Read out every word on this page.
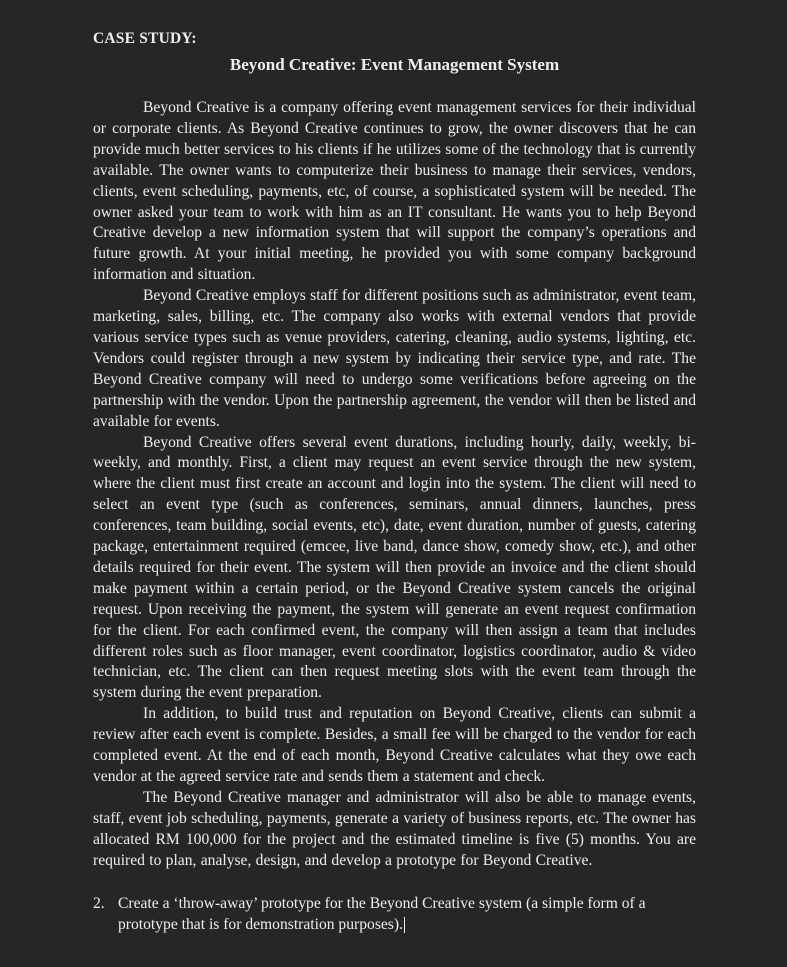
CASE STUDY:
Beyond Creative: Event Management System

Beyond Creative is a company offering event management services for their individual or corporate clients. As Beyond Creative continues to grow, the owner discovers that he can provide much better services to his clients if he utilizes some of the technology that is currently available. The owner wants to computerize their business to manage their services, vendors, clients, event scheduling, payments, etc, of course, a sophisticated system will be needed. The owner asked your team to work with him as an IT consultant. He wants you to help Beyond Creative develop a new information system that will support the company’s operations and future growth. At your initial meeting, he provided you with some company background information and situation.

Beyond Creative employs staff for different positions such as administrator, event team, marketing, sales, billing, etc. The company also works with external vendors that provide various service types such as venue providers, catering, cleaning, audio systems, lighting, etc. Vendors could register through a new system by indicating their service type, and rate. The Beyond Creative company will need to undergo some verifications before agreeing on the partnership with the vendor. Upon the partnership agreement, the vendor will then be listed and available for events.

Beyond Creative offers several event durations, including hourly, daily, weekly, bi-weekly, and monthly. First, a client may request an event service through the new system, where the client must first create an account and login into the system. The client will need to select an event type (such as conferences, seminars, annual dinners, launches, press conferences, team building, social events, etc), date, event duration, number of guests, catering package, entertainment required (emcee, live band, dance show, comedy show, etc.), and other details required for their event. The system will then provide an invoice and the client should make payment within a certain period, or the Beyond Creative system cancels the original request. Upon receiving the payment, the system will generate an event request confirmation for the client. For each confirmed event, the company will then assign a team that includes different roles such as floor manager, event coordinator, logistics coordinator, audio & video technician, etc. The client can then request meeting slots with the event team through the system during the event preparation.

In addition, to build trust and reputation on Beyond Creative, clients can submit a review after each event is complete. Besides, a small fee will be charged to the vendor for each completed event. At the end of each month, Beyond Creative calculates what they owe each vendor at the agreed service rate and sends them a statement and check.

The Beyond Creative manager and administrator will also be able to manage events, staff, event job scheduling, payments, generate a variety of business reports, etc. The owner has allocated RM 100,000 for the project and the estimated timeline is five (5) months. You are required to plan, analyse, design, and develop a prototype for Beyond Creative.

2. Create a ‘throw-away’ prototype for the Beyond Creative system (a simple form of a prototype that is for demonstration purposes).
